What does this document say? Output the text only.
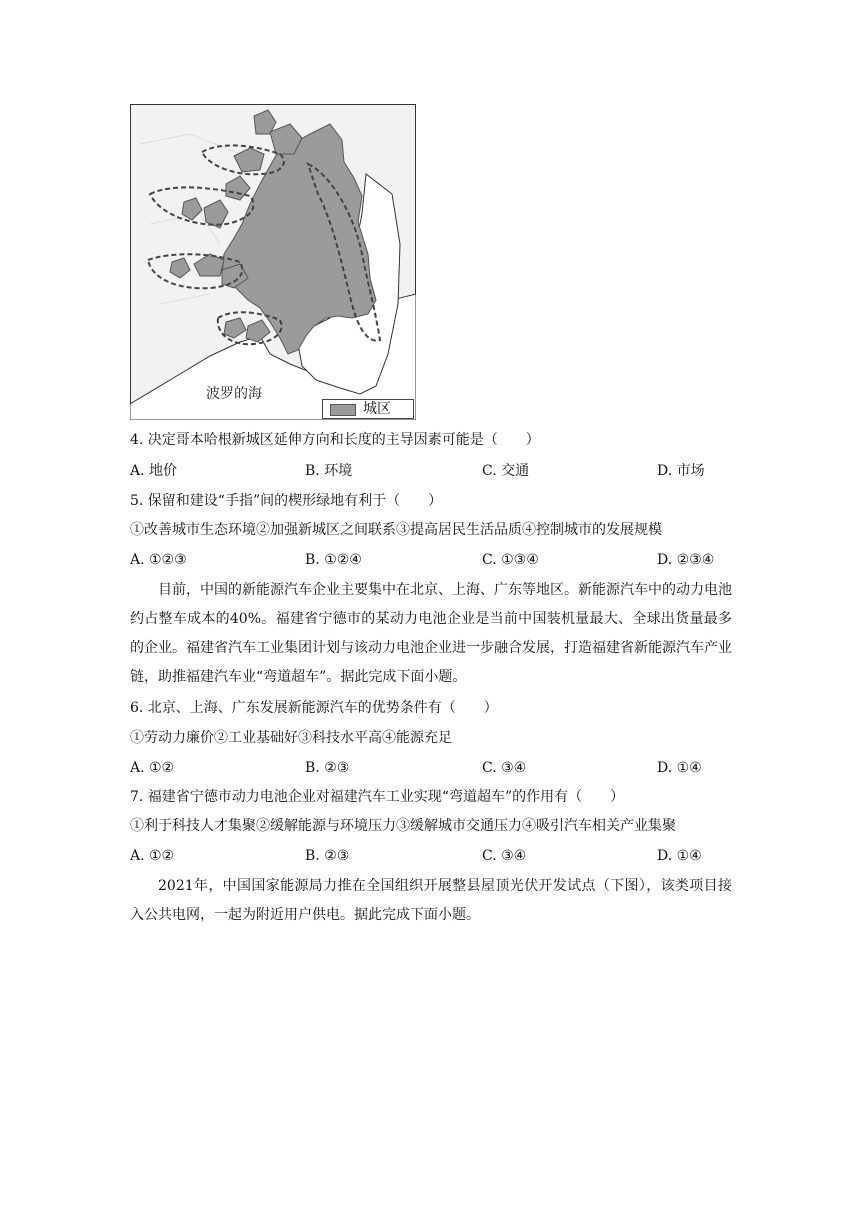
波罗的海
城区
4. 决定哥本哈根新城区延伸方向和长度的主导因素可能是（　　）
A. 地价	B. 环境	C. 交通	D. 市场
5. 保留和建设“手指”间的楔形绿地有利于（　　）
①改善城市生态环境②加强新城区之间联系③提高居民生活品质④控制城市的发展规模
A. ①②③	B. ①②④	C. ①③④	D. ②③④
目前，中国的新能源汽车企业主要集中在北京、上海、广东等地区。新能源汽车中的动力电池约占整车成本的40%。福建省宁德市的某动力电池企业是当前中国装机量最大、全球出货量最多的企业。福建省汽车工业集团计划与该动力电池企业进一步融合发展，打造福建省新能源汽车产业链，助推福建汽车业“弯道超车”。据此完成下面小题。
6. 北京、上海、广东发展新能源汽车的优势条件有（　　）
①劳动力廉价②工业基础好③科技水平高④能源充足
A. ①②	B. ②③	C. ③④	D. ①④
7. 福建省宁德市动力电池企业对福建汽车工业实现“弯道超车”的作用有（　　）
①利于科技人才集聚②缓解能源与环境压力③缓解城市交通压力④吸引汽车相关产业集聚
A. ①②	B. ②③	C. ③④	D. ①④
2021年，中国国家能源局力推在全国组织开展整县屋顶光伏开发试点（下图），该类项目接入公共电网，一起为附近用户供电。据此完成下面小题。
